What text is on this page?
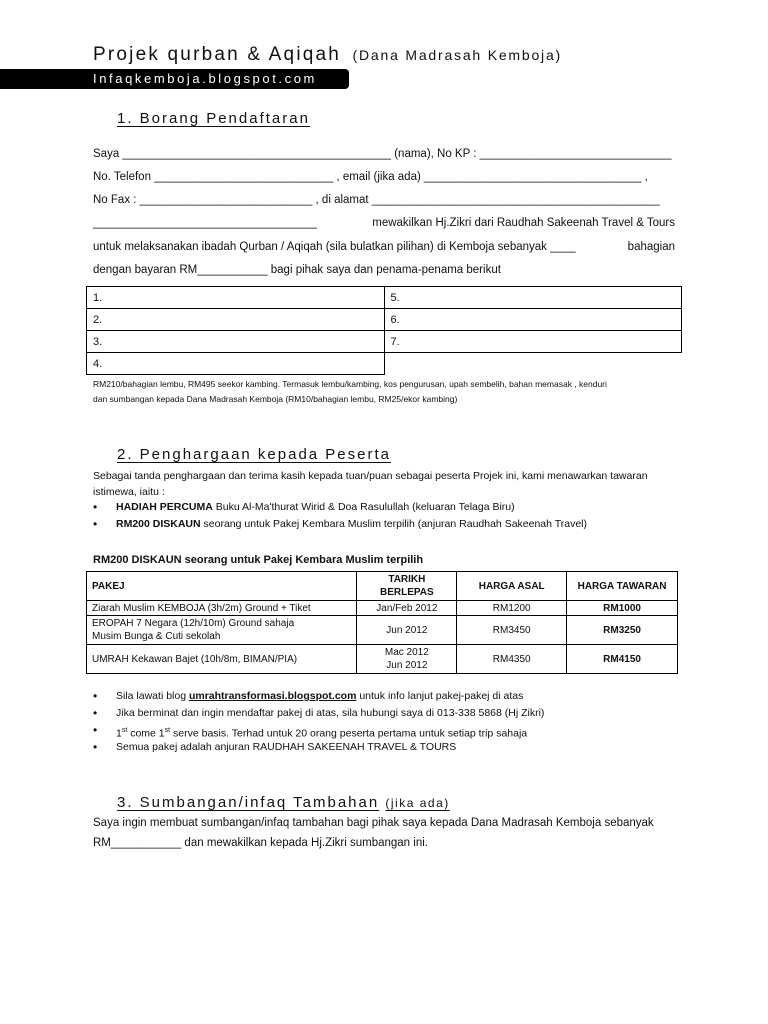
Projek qurban & Aqiqah (Dana Madrasah Kemboja)
Infaqkemboja.blogspot.com
1. Borang Pendaftaran
Saya __________________________________________ (nama), No KP : ______________________________
No. Telefon ____________________________ , email (jika ada) __________________________________ ,
No Fax : ___________________________ , di alamat _____________________________________________
___________________________________	mewakilkan Hj.Zikri dari Raudhah Sakeenah Travel & Tours
untuk melaksanakan ibadah Qurban / Aqiqah (sila bulatkan pilihan) di Kemboja sebanyak ____	bahagian
dengan bayaran RM___________ bagi pihak saya dan penama-penama berikut
1.	5.
2.	6.
3.	7.
4.	
RM210/bahagian lembu, RM495 seekor kambing. Termasuk lembu/kambing, kos pengurusan, upah sembelih, bahan memasak , kenduri
dan sumbangan kepada Dana Madrasah Kemboja (RM10/bahagian lembu, RM25/ekor kambing)
2. Penghargaan kepada Peserta
Sebagai tanda penghargaan dan terima kasih kepada tuan/puan sebagai peserta Projek ini, kami menawarkan tawaran
istimewa, iaitu :
• HADIAH PERCUMA Buku Al-Ma'thurat Wirid & Doa Rasulullah (keluaran Telaga Biru)
• RM200 DISKAUN seorang untuk Pakej Kembara Muslim terpilih (anjuran Raudhah Sakeenah Travel)
RM200 DISKAUN seorang untuk Pakej Kembara Muslim terpilih
PAKEJ	TARIKH BERLEPAS	HARGA ASAL	HARGA TAWARAN
Ziarah Muslim KEMBOJA (3h/2m) Ground + Tiket	Jan/Feb 2012	RM1200	RM1000

EROPAH 7 Negara (12h/10m) Ground sahaja
Musim Bunga & Cuti sekolah	Jun 2012	RM3450	RM3250
UMRAH Kekawan Bajet (10h/8m, BIMAN/PIA)	Mac 2012
Jun 2012	RM4350	RM4150
• Sila lawati blog umrahtransformasi.blogspot.com untuk info lanjut pakej-pakej di atas
• Jika berminat dan ingin mendaftar pakej di atas, sila hubungi saya di 013-338 5868 (Hj Zikri)
• 1st come 1st serve basis. Terhad untuk 20 orang peserta pertama untuk setiap trip sahaja
• Semua pakej adalah anjuran RAUDHAH SAKEENAH TRAVEL & TOURS
3. Sumbangan/infaq Tambahan (jika ada)
Saya ingin membuat sumbangan/infaq tambahan bagi pihak saya kepada Dana Madrasah Kemboja sebanyak
RM___________ dan mewakilkan kepada Hj.Zikri sumbangan ini.
